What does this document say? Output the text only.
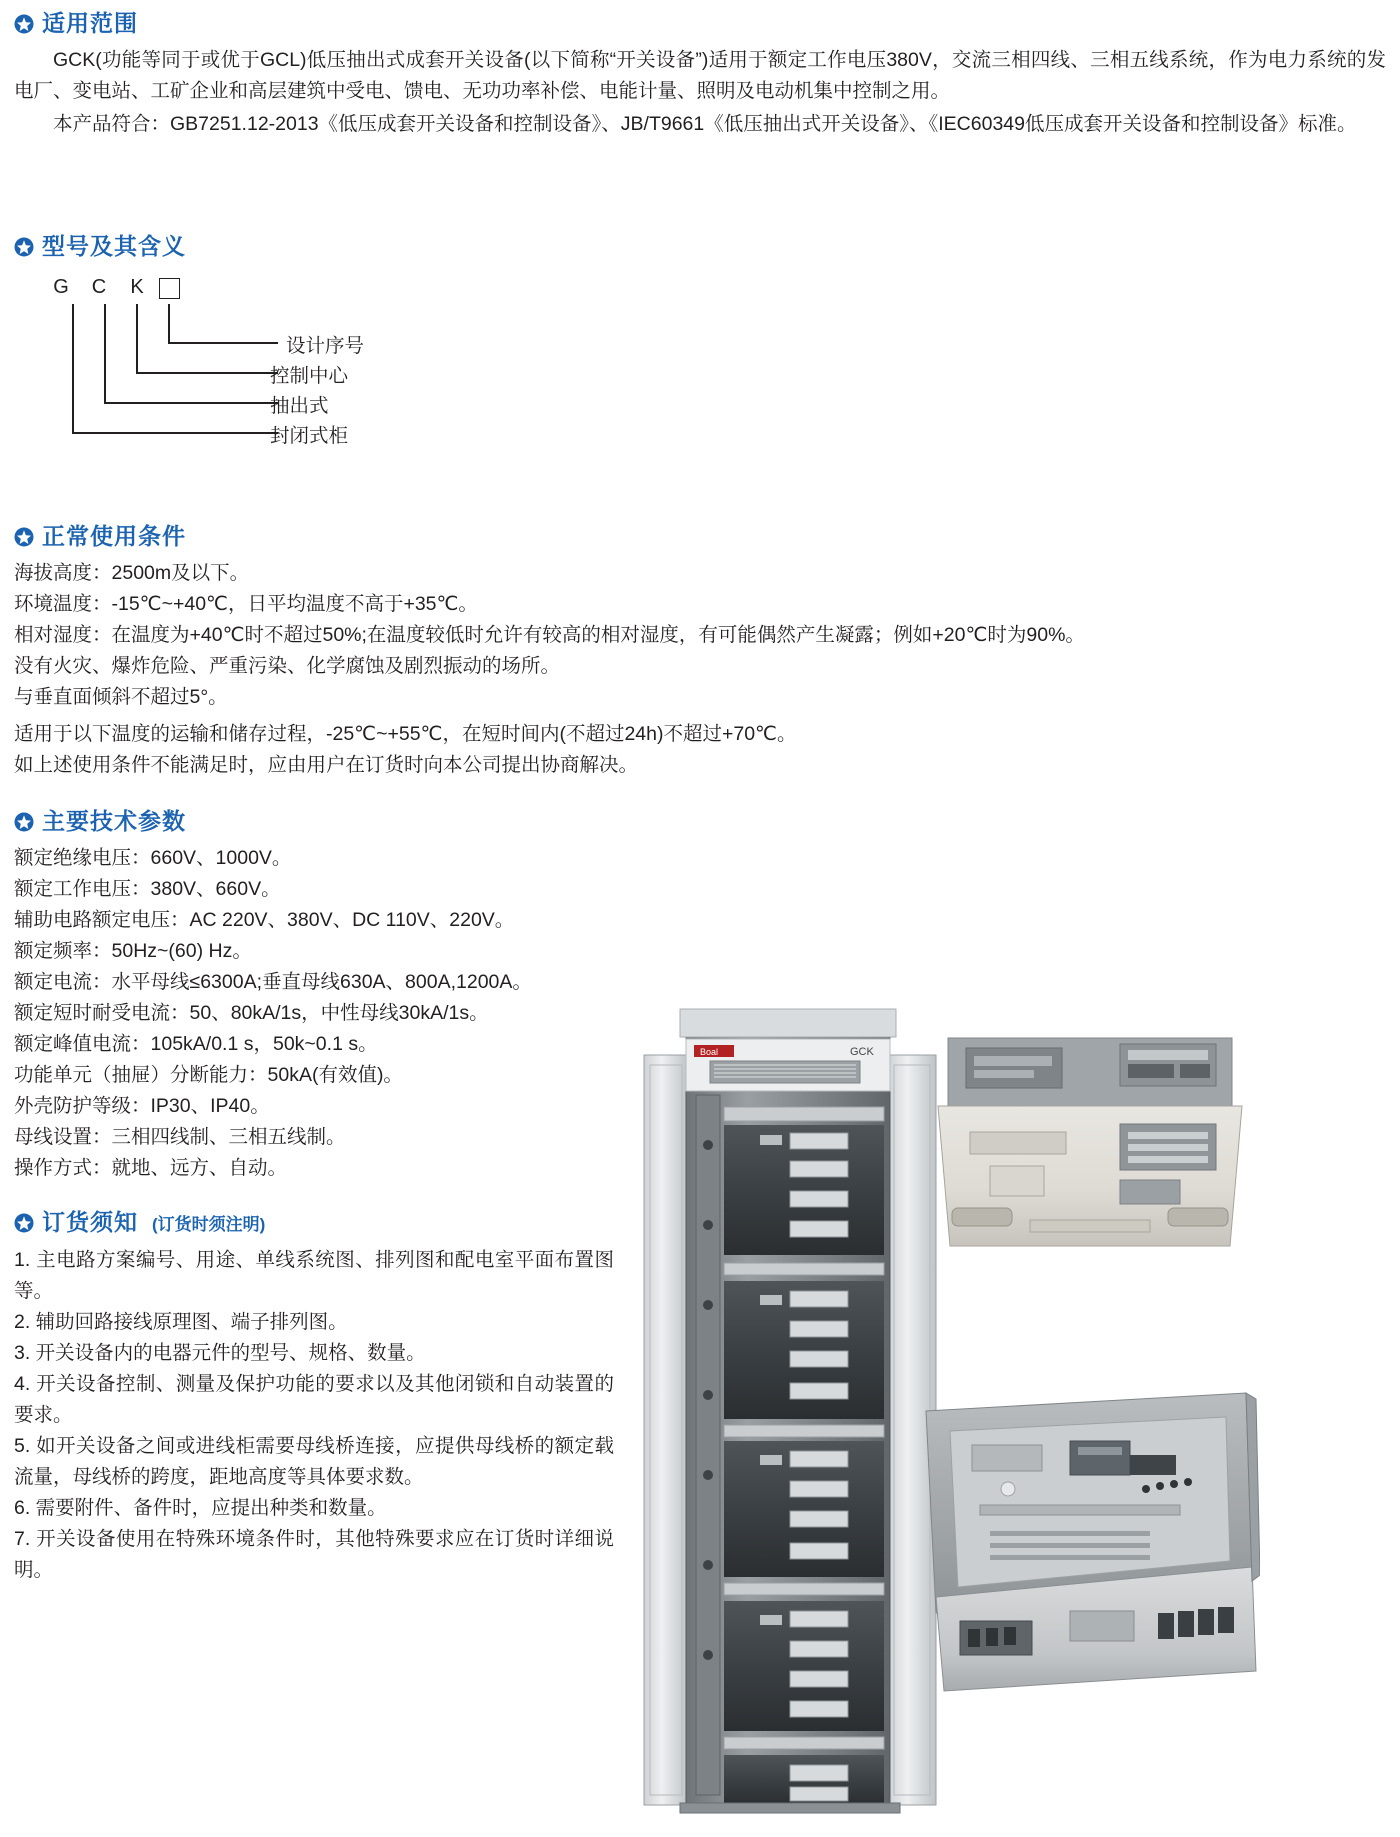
适用范围

GCK(功能等同于或优于GCL)低压抽出式成套开关设备(以下简称“开关设备”)适用于额定工作电压380V，交流三相四线、三相五线系统，作为电力系统的发电厂、变电站、工矿企业和高层建筑中受电、馈电、无功功率补偿、电能计量、照明及电动机集中控制之用。

本产品符合：GB7251.12-2013《低压成套开关设备和控制设备》、JB/T9661《低压抽出式开关设备》、《IEC60349低压成套开关设备和控制设备》标准。

型号及其含义
G	C	K
设计序号
控制中心
抽出式
封闭式柜
正常使用条件

海拔高度：2500m及以下。

环境温度：-15℃~+40℃，日平均温度不高于+35℃。

相对湿度：在温度为+40℃时不超过50%;在温度较低时允许有较高的相对湿度，有可能偶然产生凝露；例如+20℃时为90%。

没有火灾、爆炸危险、严重污染、化学腐蚀及剧烈振动的场所。

与垂直面倾斜不超过5°。

适用于以下温度的运输和储存过程，-25℃~+55℃，在短时间内(不超过24h)不超过+70℃。

如上述使用条件不能满足时，应由用户在订货时向本公司提出协商解决。

主要技术参数

额定绝缘电压：660V、1000V。

额定工作电压：380V、660V。

辅助电路额定电压：AC 220V、380V、DC 110V、220V。

额定频率：50Hz~(60) Hz。

额定电流：水平母线≤6300A;垂直母线630A、800A,1200A。

额定短时耐受电流：50、80kA/1s，中性母线30kA/1s。

额定峰值电流：105kA/0.1 s，50k~0.1 s。

功能单元（抽屉）分断能力：50kA(有效值)。

外壳防护等级：IP30、IP40。

母线设置：三相四线制、三相五线制。

操作方式：就地、远方、自动。

订货须知 (订货时须注明)

1. 主电路方案编号、用途、单线系统图、排列图和配电室平面布置图等。

2. 辅助回路接线原理图、端子排列图。

3. 开关设备内的电器元件的型号、规格、数量。

4. 开关设备控制、测量及保护功能的要求以及其他闭锁和自动装置的要求。

5. 如开关设备之间或进线柜需要母线桥连接，应提供母线桥的额定载流量，母线桥的跨度，距地高度等具体要求数。

6. 需要附件、备件时，应提出种类和数量。

7. 开关设备使用在特殊环境条件时，其他特殊要求应在订货时详细说明。

Boal	GCK
